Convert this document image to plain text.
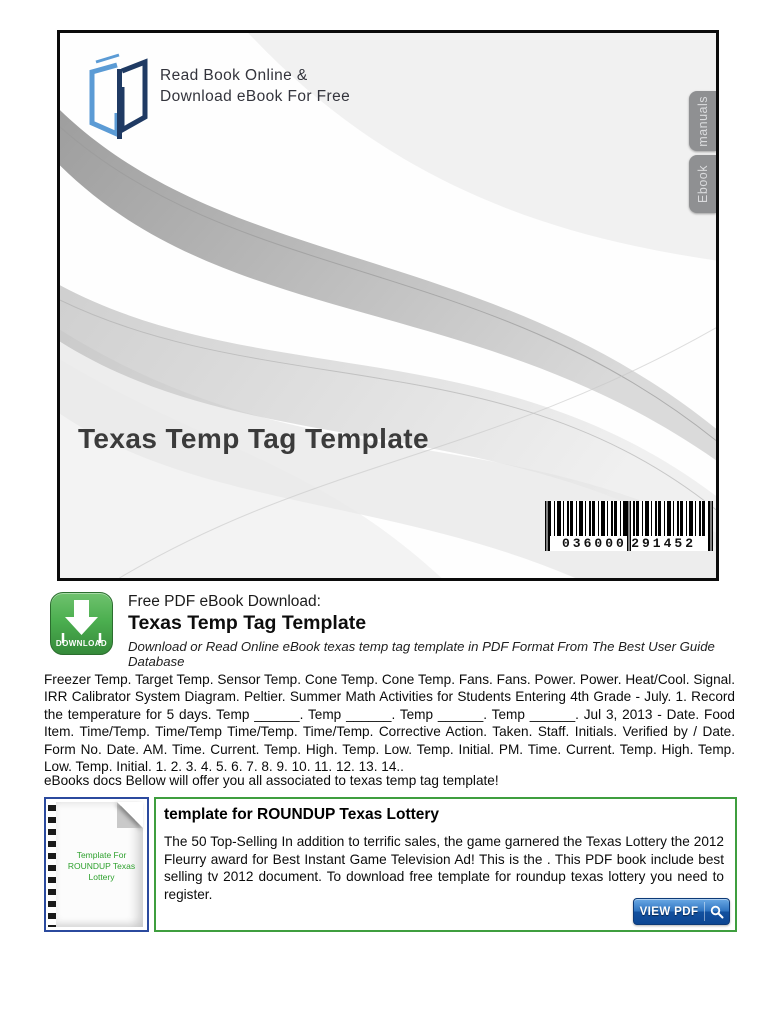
Read Book Online &
Download eBook For Free	manuals
Ebook
Texas Temp Tag Template
036000 291452
DOWNLOAD
Free PDF eBook Download:
Texas Temp Tag Template
Download or Read Online eBook texas temp tag template in PDF Format From The Best User Guide Database
Freezer Temp. Target Temp. Sensor Temp. Cone Temp. Cone Temp. Fans. Fans. Power. Power. Heat/Cool. Signal. IRR Calibrator System Diagram. Peltier. Summer Math Activities for Students Entering 4th Grade - July. 1. Record the temperature for 5 days. Temp ______. Temp ______. Temp ______. Temp ______. Jul 3, 2013 - Date. Food Item. Time/Temp. Time/Temp Time/Temp. Time/Temp. Corrective Action. Taken. Staff. Initials. Verified by / Date. Form No. Date. AM. Time. Current. Temp. High. Temp. Low. Temp. Initial. PM. Time. Current. Temp. High. Temp. Low. Temp. Initial. 1. 2. 3. 4. 5. 6. 7. 8. 9. 10. 11. 12. 13. 14..
eBooks docs Bellow will offer you all associated to texas temp tag template!
Template For
ROUNDUP Texas
Lottery
template for ROUNDUP Texas Lottery
The 50 Top-Selling In addition to terrific sales, the game garnered the Texas Lottery the 2012 Fleurry award for Best Instant Game Television Ad! This is the . This PDF book include best selling tv 2012 document. To download free template for roundup texas lottery you need to register.
VIEW PDF
